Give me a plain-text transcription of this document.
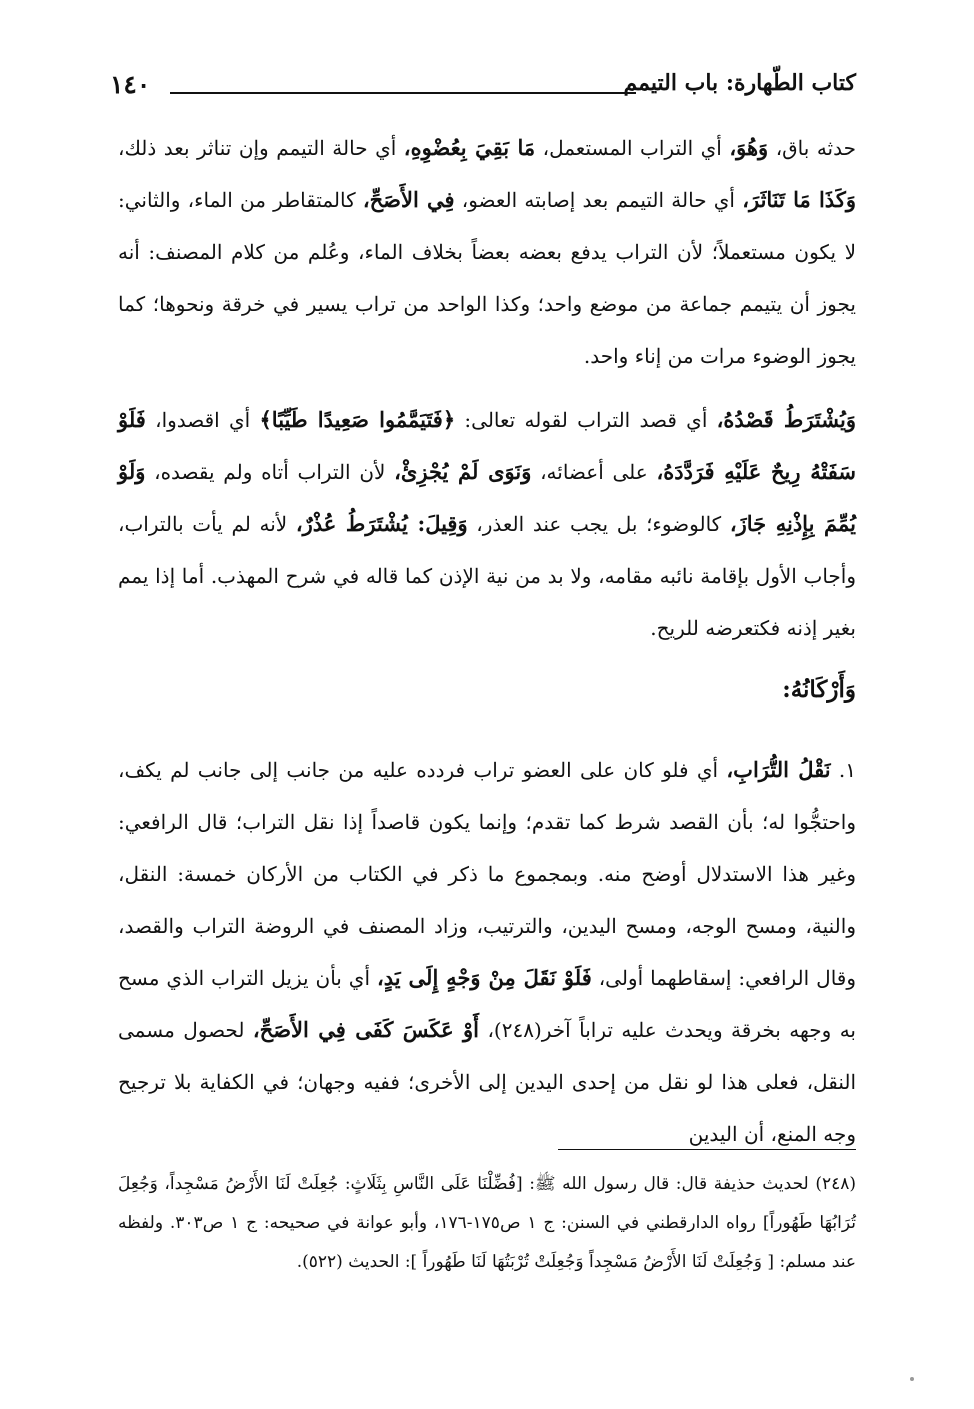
١٤٠	كتاب الطّهارة: باب التيمم

حدثه باق، وَهُوَ، أي التراب المستعمل، مَا بَقِيَ بِعُضْوِهِ، أي حالة التيمم وإن تناثر بعد ذلك، وَكَذَا مَا تَنَاثَرَ، أي حالة التيمم بعد إصابته العضو، فِي الأَصَحِّ، كالمتقاطر من الماء، والثاني: لا يكون مستعملاً؛ لأن التراب يدفع بعضه بعضاً بخلاف الماء، وعُلم من كلام المصنف: أنه يجوز أن يتيمم جماعة من موضع واحد؛ وكذا الواحد من تراب يسير في خرقة ونحوها؛ كما يجوز الوضوء مرات من إناء واحد.

وَيُشْتَرَطُ قَصْدُهُ، أي قصد التراب لقوله تعالى: ﴿فَتَيَمَّمُوا صَعِيدًا طَيِّبًا﴾ أي اقصدوا، فَلَوْ سَفَتْهُ رِيحٌ عَلَيْهِ فَرَدَّدَهُ، على أعضائه، وَنَوَى لَمْ يُجْزِئْ، لأن التراب أتاه ولم يقصده، وَلَوْ يُمِّمَ بِإِذْنِهِ جَازَ، كالوضوء؛ بل يجب عند العذر، وَقِيلَ: يُشْتَرَطُ عُذْرٌ، لأنه لم يأت بالتراب، وأجاب الأول بإقامة نائبه مقامه، ولا بد من نية الإذن كما قاله في شرح المهذب. أما إذا يمم بغير إذنه فكتعرضه للريح.

وَأَرْكَانُهُ:

١. نَقْلُ التُّرَابِ، أي فلو كان على العضو تراب فردده عليه من جانب إلى جانب لم يكف، واحتجُّوا له؛ بأن القصد شرط كما تقدم؛ وإنما يكون قاصداً إذا نقل التراب؛ قال الرافعي: وغير هذا الاستدلال أوضح منه. وبمجموع ما ذكر في الكتاب من الأركان خمسة: النقل، والنية، ومسح الوجه، ومسح اليدين، والترتيب، وزاد المصنف في الروضة التراب والقصد، وقال الرافعي: إسقاطهما أولى، فَلَوْ نَقَلَ مِنْ وَجْهٍ إِلَى يَدٍ، أي بأن يزيل التراب الذي مسح به وجهه بخرقة ويحدث عليه تراباً آخر(٢٤٨)، أَوْ عَكَسَ كَفَى فِي الأَصَحِّ، لحصول مسمى النقل، فعلى هذا لو نقل من إحدى اليدين إلى الأخرى؛ ففيه وجهان؛ في الكفاية بلا ترجيح وجه المنع، أن اليدين

(٢٤٨) لحديث حذيفة قال: قال رسول الله ﷺ: [فُضِّلْنَا عَلَى النَّاسِ بِثَلَاثٍ: جُعِلَتْ لَنَا الأَرْضُ مَسْجِداً، وَجُعِلَ تُرَابُهَا طَهُوراً] رواه الدارقطني في السنن: ج ١ ص١٧٥-١٧٦، وأبو عوانة في صحيحه: ج ١ ص٣٠٣. ولفظه عند مسلم: [ وَجُعِلَتْ لَنَا الأَرْضُ مَسْجِداً وَجُعِلَتْ تُرْبَتُهَا لَنَا طَهُوراً ]: الحديث (٥٢٢).
